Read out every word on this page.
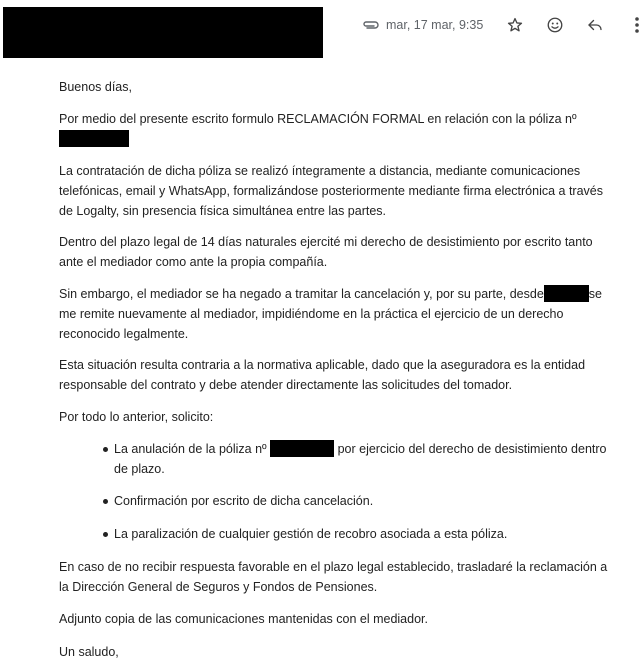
mar, 17 mar, 9:35

Buenos días,

Por medio del presente escrito formulo RECLAMACIÓN FORMAL en relación con la póliza nº
La contratación de dicha póliza se realizó íntegramente a distancia, mediante comunicaciones
telefónicas, email y WhatsApp, formalizándose posteriormente mediante firma electrónica a través
de Logalty, sin presencia física simultánea entre las partes.
Dentro del plazo legal de 14 días naturales ejercité mi derecho de desistimiento por escrito tanto
ante el mediador como ante la propia compañía.
Sin embargo, el mediador se ha negado a tramitar la cancelación y, por su parte, desde	se
me remite nuevamente al mediador, impidiéndome en la práctica el ejercicio de un derecho
reconocido legalmente.
Esta situación resulta contraria a la normativa aplicable, dado que la aseguradora es la entidad
responsable del contrato y debe atender directamente las solicitudes del tomador.

Por todo lo anterior, solicito:

La anulación de la póliza nº	por ejercicio del derecho de desistimiento dentro
de plazo.
Confirmación por escrito de dicha cancelación.
La paralización de cualquier gestión de recobro asociada a esta póliza.
En caso de no recibir respuesta favorable en el plazo legal establecido, trasladaré la reclamación a
la Dirección General de Seguros y Fondos de Pensiones.

Adjunto copia de las comunicaciones mantenidas con el mediador.

Un saludo,
